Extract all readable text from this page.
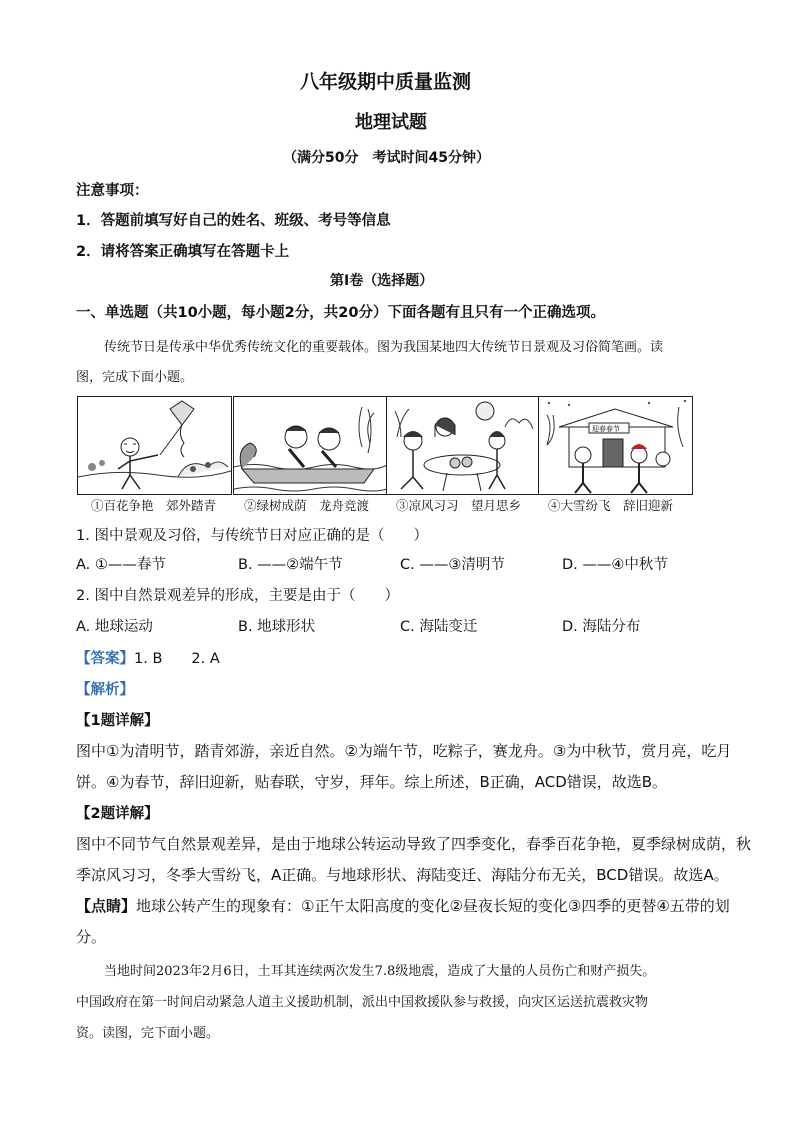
八年级期中质量监测
地理试题
（满分50分　考试时间45分钟）
注意事项：
1．答题前填写好自己的姓名、班级、考号等信息
2．请将答案正确填写在答题卡上
第I卷（选择题）
一、单选题（共10小题，每小题2分，共20分）下面各题有且只有一个正确选项。
传统节日是传承中华优秀传统文化的重要载体。图为我国某地四大传统节日景观及习俗简笔画。读
图，完成下面小题。
迎春春节
①百花争艳　郊外踏青 ②绿树成荫　龙舟竞渡 ③凉风习习　望月思乡 ④大雪纷飞　辞旧迎新
1. 图中景观及习俗，与传统节日对应正确的是（　　）
A. ①——春节	B. ——②端午节	C. ——③清明节	D. ——④中秋节
2. 图中自然景观差异的形成，主要是由于（　　）
A. 地球运动	B. 地球形状	C. 海陆变迁	D. 海陆分布
【答案】1. B　　2. A
【解析】
【1题详解】
图中①为清明节，踏青郊游，亲近自然。②为端午节，吃粽子，赛龙舟。③为中秋节，赏月亮，吃月
饼。④为春节，辞旧迎新，贴春联，守岁，拜年。综上所述，B正确，ACD错误，故选B。
【2题详解】
图中不同节气自然景观差异，是由于地球公转运动导致了四季变化，春季百花争艳，夏季绿树成荫，秋
季凉风习习，冬季大雪纷飞，A正确。与地球形状、海陆变迁、海陆分布无关，BCD错误。故选A。
【点睛】地球公转产生的现象有：①正午太阳高度的变化②昼夜长短的变化③四季的更替④五带的划
分。
当地时间2023年2月6日，土耳其连续两次发生7.8级地震，造成了大量的人员伤亡和财产损失。
中国政府在第一时间启动紧急人道主义援助机制，派出中国救援队参与救援，向灾区运送抗震救灾物
资。读图，完下面小题。
